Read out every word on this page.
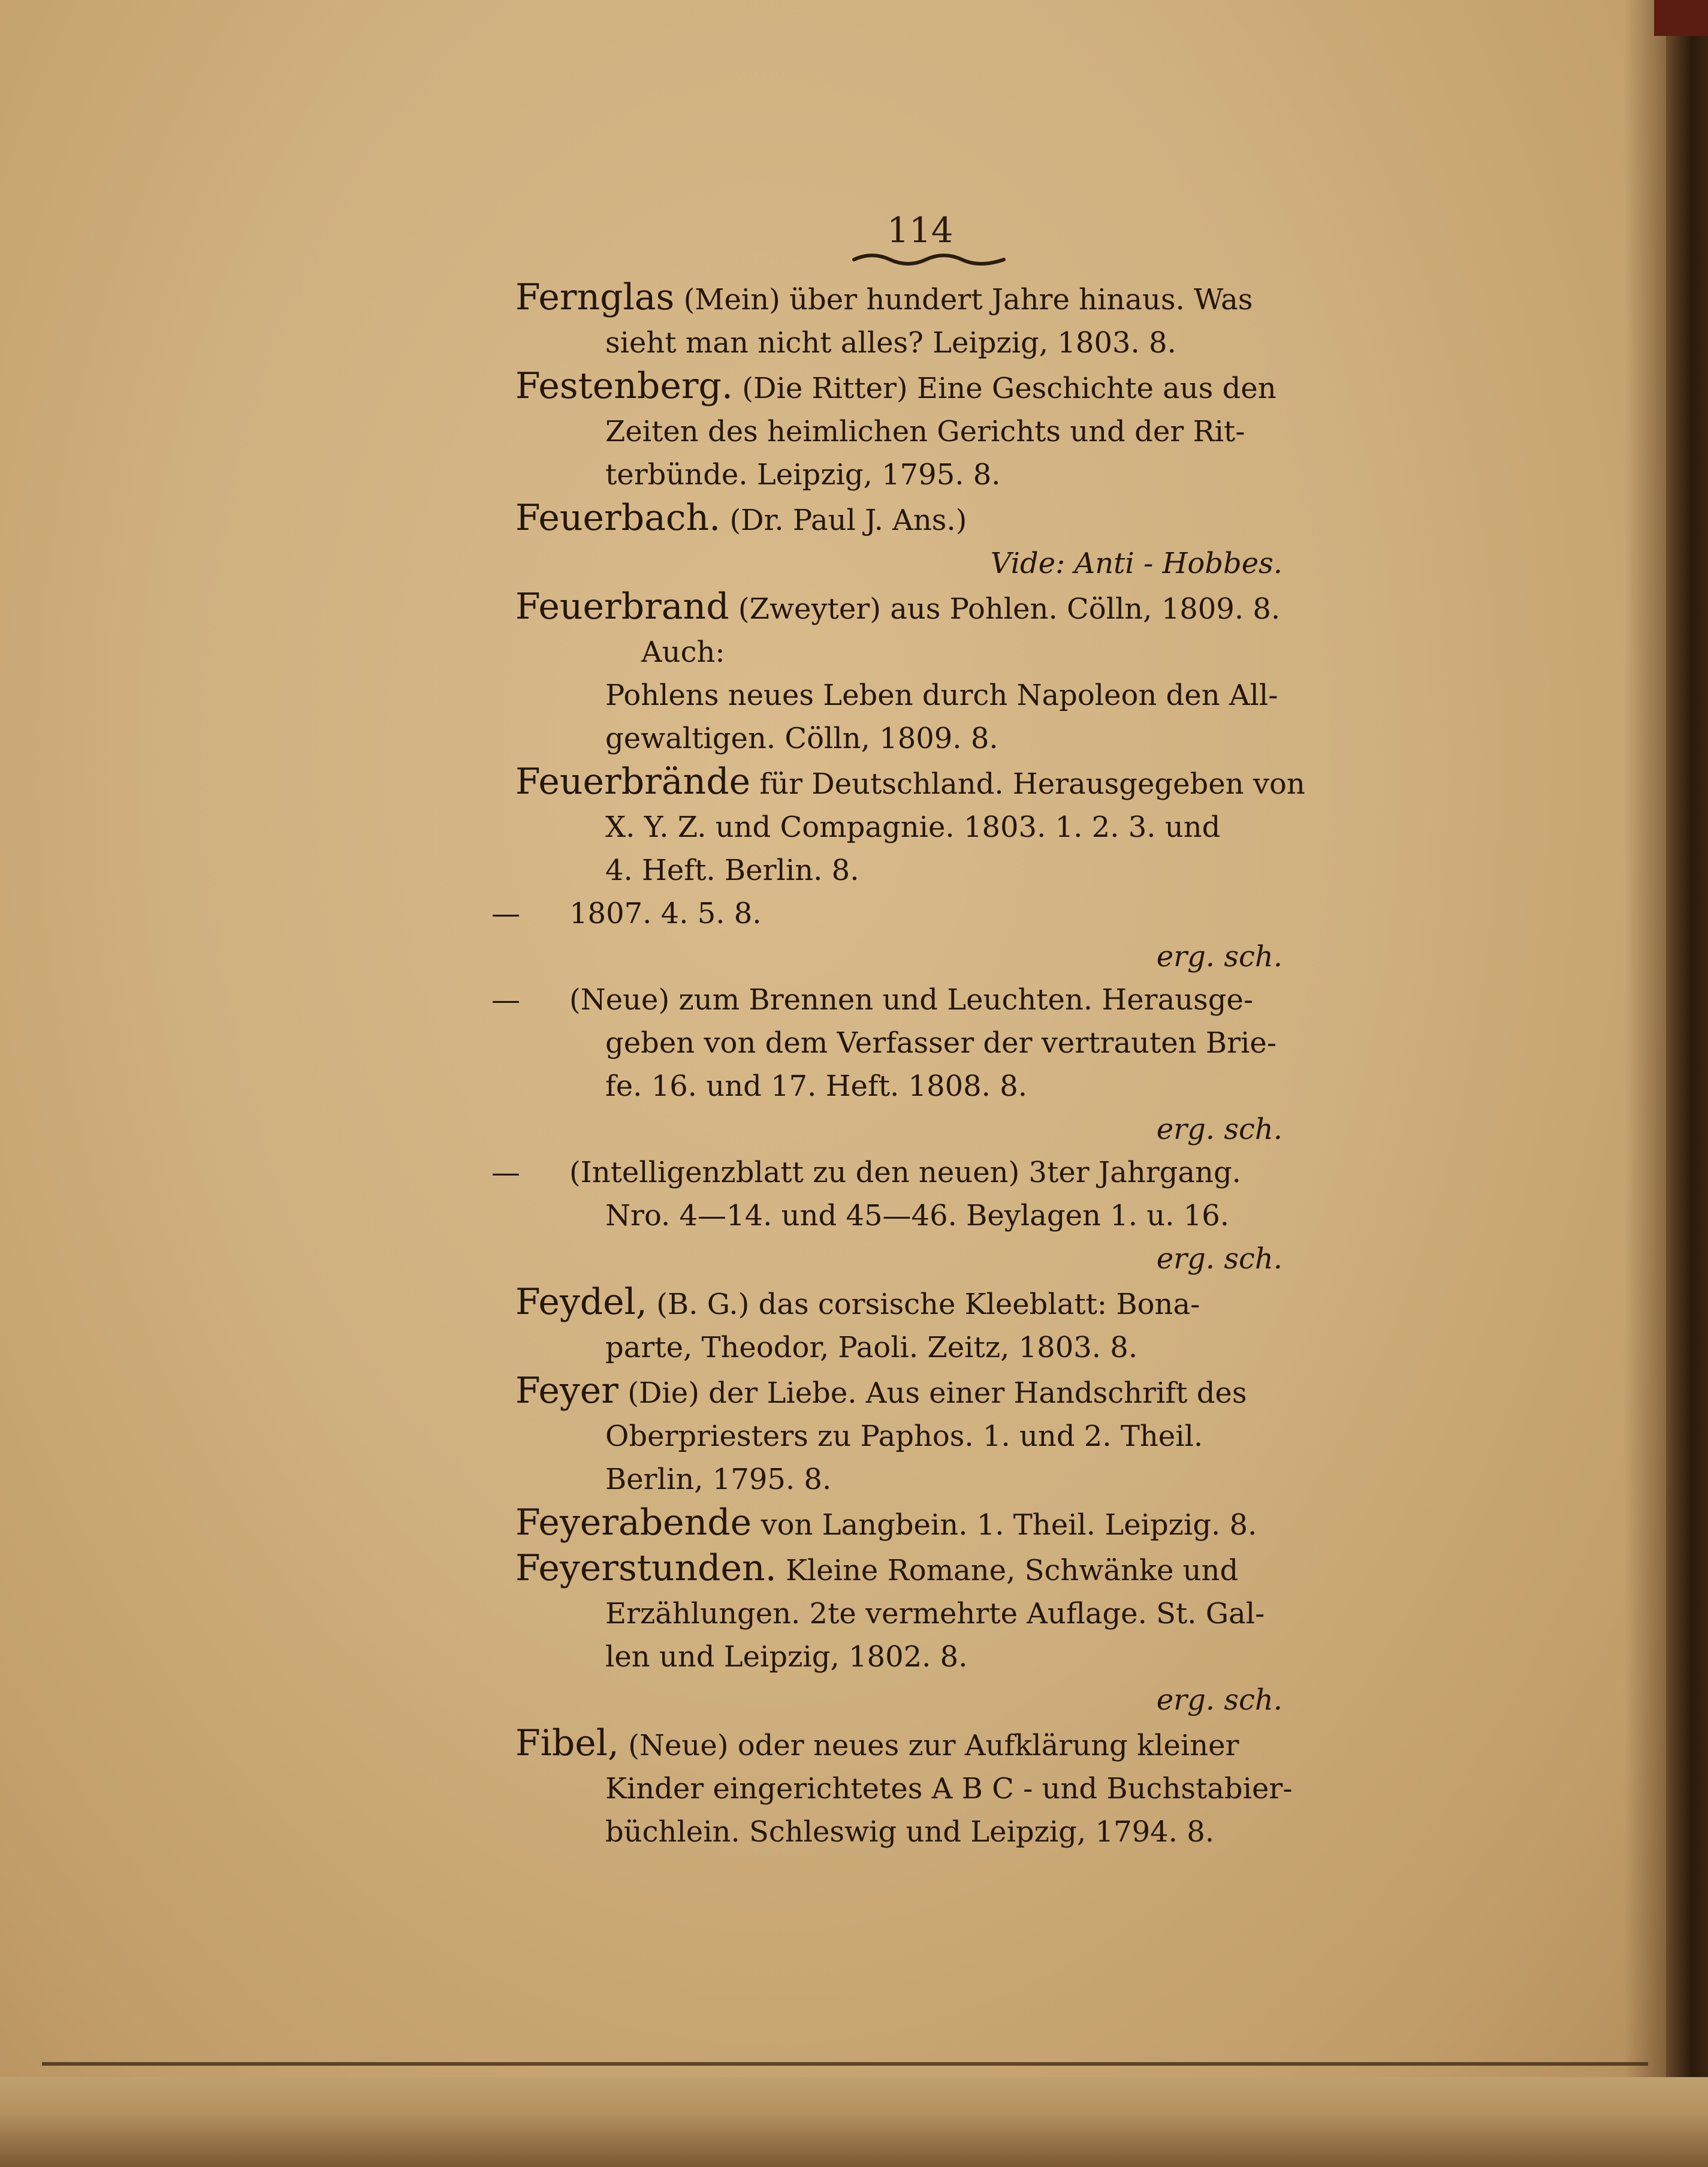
114

Fernglas (Mein) über hundert Jahre hinaus. Was

sieht man nicht alles? Leipzig, 1803. 8.

Festenberg. (Die Ritter) Eine Geschichte aus den

Zeiten des heimlichen Gerichts und der Rit-

terbünde. Leipzig, 1795. 8.

Feuerbach. (Dr. Paul J. Ans.)

Vide: Anti - Hobbes.

Feuerbrand (Zweyter) aus Pohlen. Cölln, 1809. 8.

Auch:

Pohlens neues Leben durch Napoleon den All-

gewaltigen. Cölln, 1809. 8.

Feuerbrände für Deutschland. Herausgegeben von

X. Y. Z. und Compagnie. 1803. 1. 2. 3. und

4. Heft. Berlin. 8.

— 1807. 4. 5. 8.

erg. sch.

— (Neue) zum Brennen und Leuchten. Herausge-

geben von dem Verfasser der vertrauten Brie-

fe. 16. und 17. Heft. 1808. 8.

erg. sch.

— (Intelligenzblatt zu den neuen) 3ter Jahrgang.

Nro. 4—14. und 45—46. Beylagen 1. u. 16.

erg. sch.

Feydel, (B. G.) das corsische Kleeblatt: Bona-

parte, Theodor, Paoli. Zeitz, 1803. 8.

Feyer (Die) der Liebe. Aus einer Handschrift des

Oberpriesters zu Paphos. 1. und 2. Theil.

Berlin, 1795. 8.

Feyerabende von Langbein. 1. Theil. Leipzig. 8.

Feyerstunden. Kleine Romane, Schwänke und

Erzählungen. 2te vermehrte Auflage. St. Gal-

len und Leipzig, 1802. 8.

erg. sch.

Fibel, (Neue) oder neues zur Aufklärung kleiner

Kinder eingerichtetes A B C - und Buchstabier-

büchlein. Schleswig und Leipzig, 1794. 8.
